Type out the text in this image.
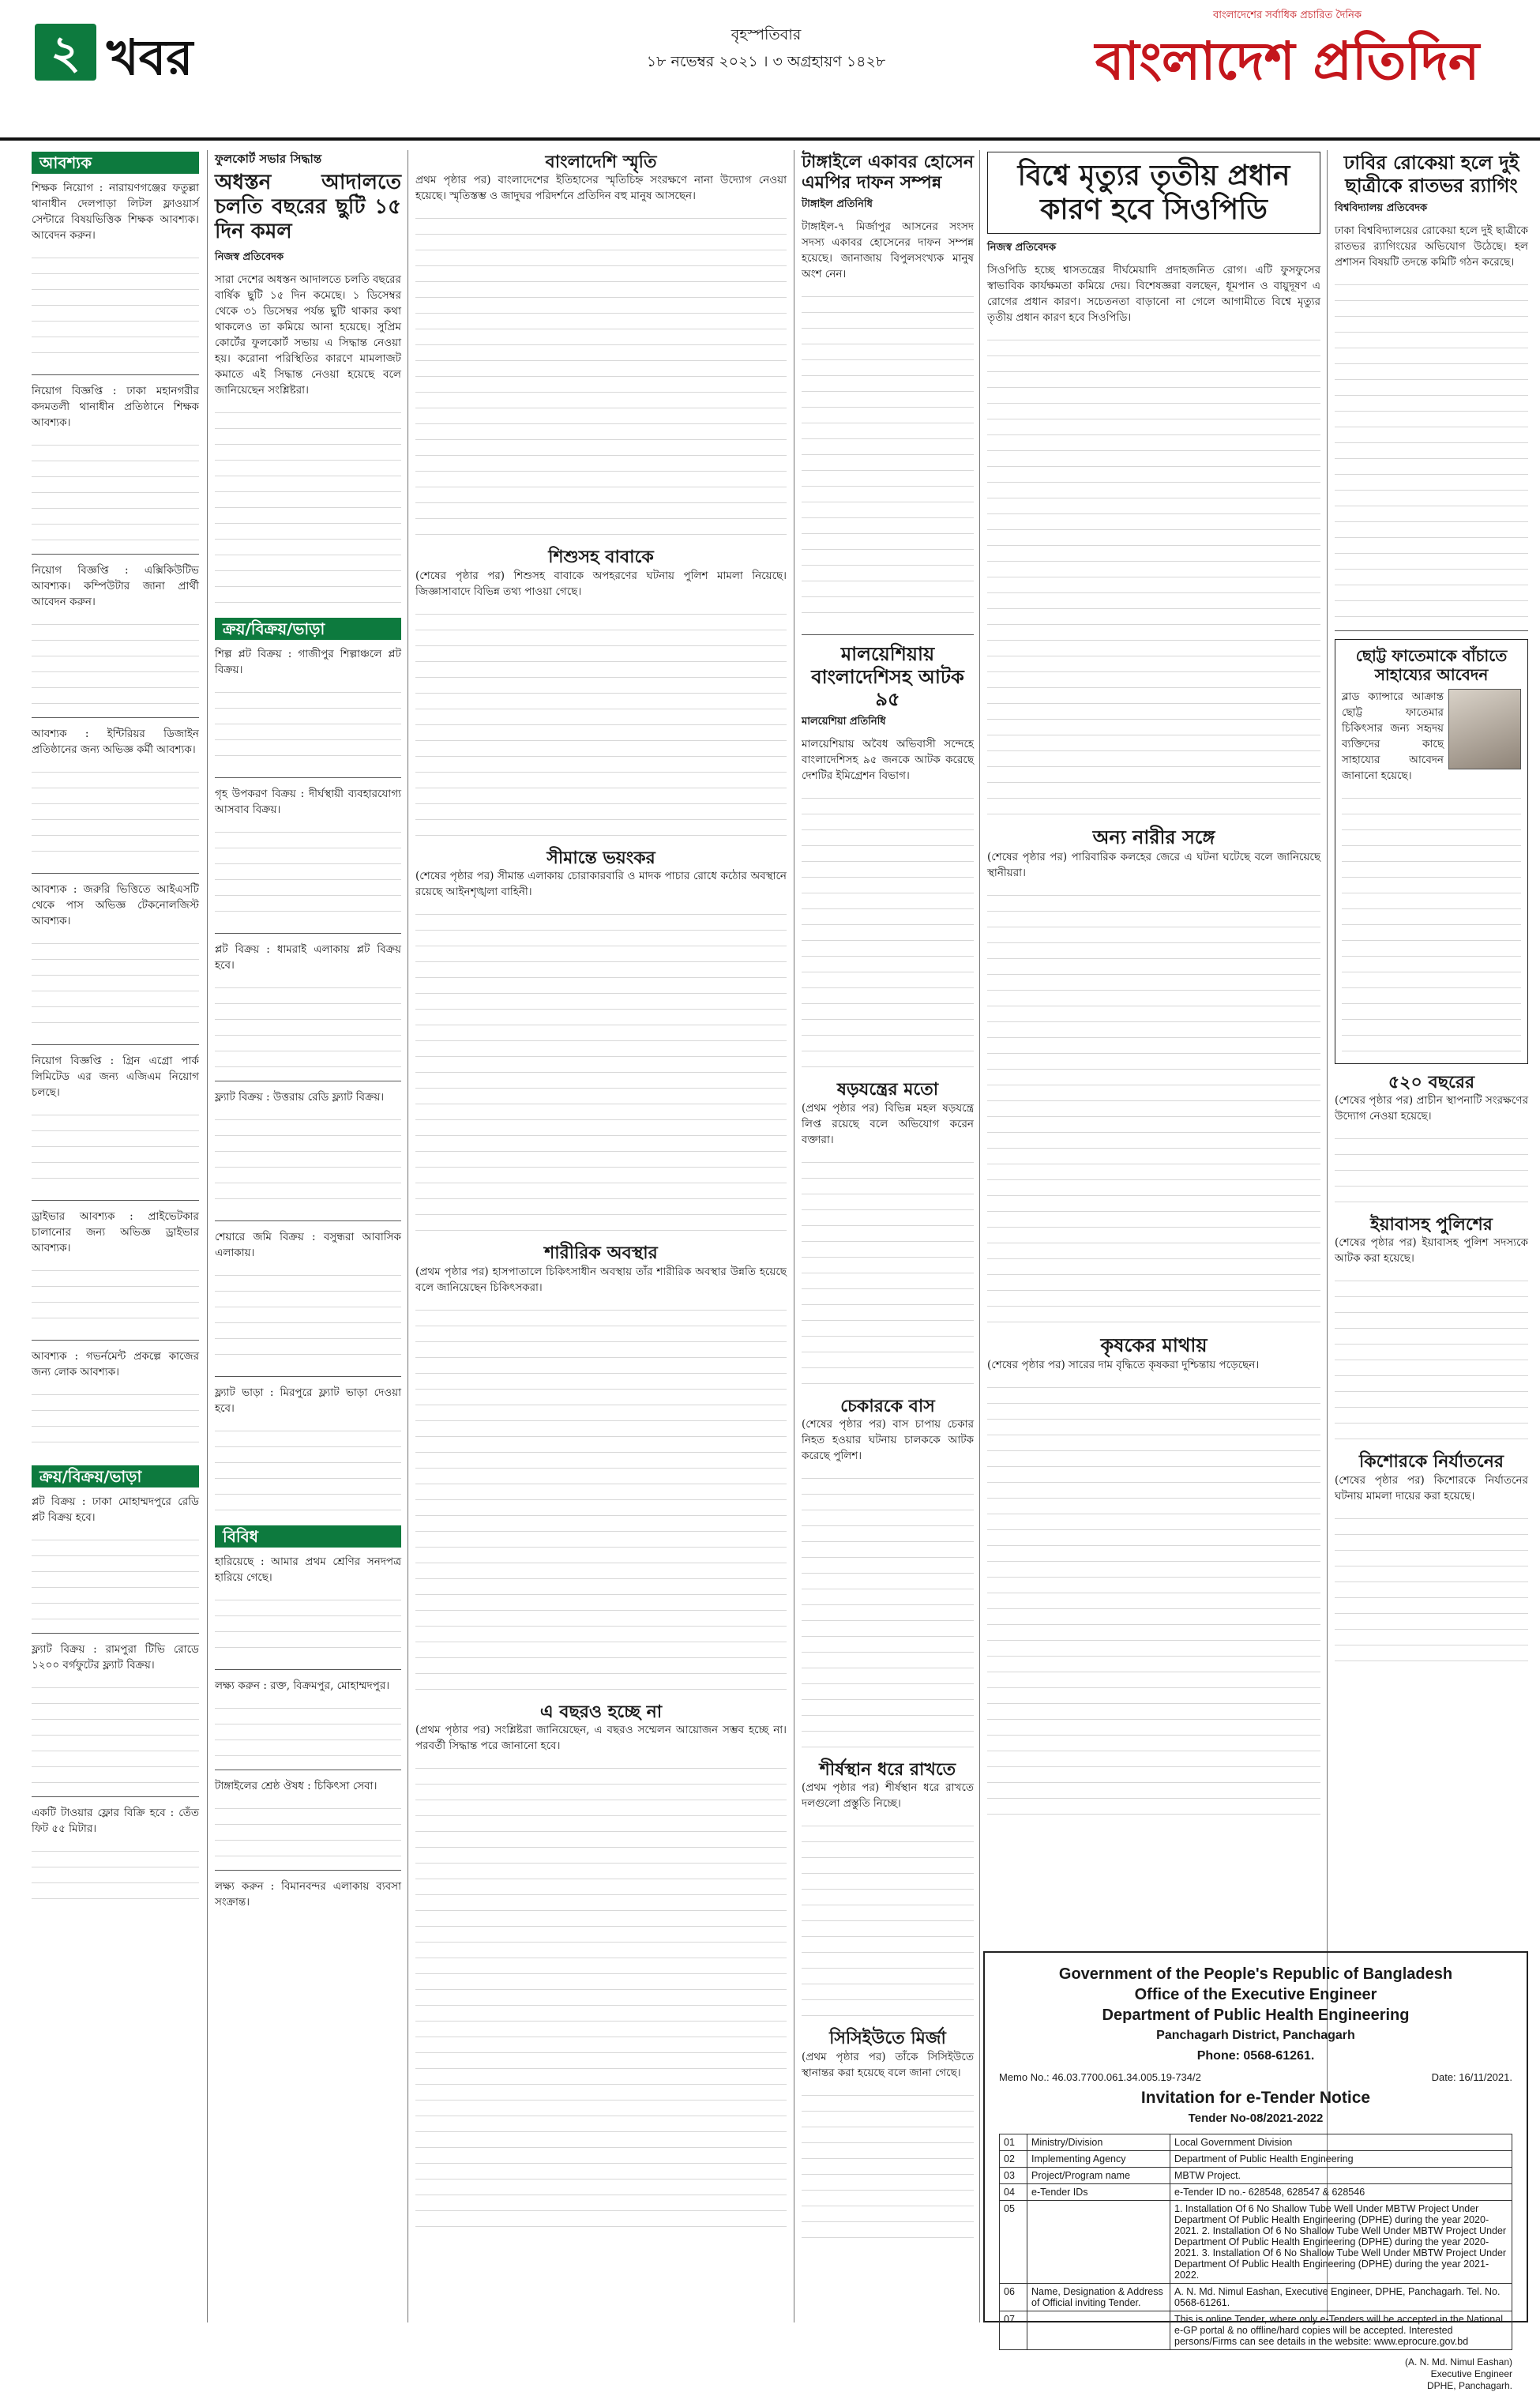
২ খবর	বৃহস্পতিবার
১৮ নভেম্বর ২০২১ । ৩ অগ্রহায়ণ ১৪২৮
বাংলাদেশের সর্বাধিক প্রচারিত দৈনিক
বাংলাদেশ প্রতিদিন
আবশ্যক

শিক্ষক নিয়োগ : নারায়ণগঞ্জের ফতুল্লা থানাধীন দেলপাড়া লিটল ফ্লাওয়ার্স সেন্টারে বিষয়ভিত্তিক শিক্ষক আবশ্যক। আবেদন করুন।

নিয়োগ বিজ্ঞপ্তি : ঢাকা মহানগরীর কদমতলী থানাধীন প্রতিষ্ঠানে শিক্ষক আবশ্যক।

নিয়োগ বিজ্ঞপ্তি : এক্সিকিউটিভ আবশ্যক। কম্পিউটার জানা প্রার্থী আবেদন করুন।

আবশ্যক : ইন্টিরিয়র ডিজাইন প্রতিষ্ঠানের জন্য অভিজ্ঞ কর্মী আবশ্যক।

আবশ্যক : জরুরি ভিত্তিতে আইএসটি থেকে পাস অভিজ্ঞ টেকনোলজিস্ট আবশ্যক।

নিয়োগ বিজ্ঞপ্তি : গ্রিন এগ্রো পার্ক লিমিটেড এর জন্য এজিএম নিয়োগ চলছে।

ড্রাইভার আবশ্যক : প্রাইভেটকার চালানোর জন্য অভিজ্ঞ ড্রাইভার আবশ্যক।

আবশ্যক : গভর্নমেন্ট প্রকল্পে কাজের জন্য লোক আবশ্যক।

ক্রয়/বিক্রয়/ভাড়া

প্লট বিক্রয় : ঢাকা মোহাম্মদপুরে রেডি প্লট বিক্রয় হবে।

ফ্ল্যাট বিক্রয় : রামপুরা টিভি রোডে ১২০০ বর্গফুটের ফ্ল্যাট বিক্রয়।

একটি টাওয়ার ফ্লোর বিক্রি হবে : তেঁত ফিট ৫৫ মিটার।

ফুলকোর্ট সভার সিদ্ধান্ত
অধস্তন আদালতে চলতি বছরের ছুটি ১৫ দিন কমল
নিজস্ব প্রতিবেদক

সারা দেশের অধস্তন আদালতে চলতি বছরের বার্ষিক ছুটি ১৫ দিন কমেছে। ১ ডিসেম্বর থেকে ৩১ ডিসেম্বর পর্যন্ত ছুটি থাকার কথা থাকলেও তা কমিয়ে আনা হয়েছে। সুপ্রিম কোর্টের ফুলকোর্ট সভায় এ সিদ্ধান্ত নেওয়া হয়। করোনা পরিস্থিতির কারণে মামলাজট কমাতে এই সিদ্ধান্ত নেওয়া হয়েছে বলে জানিয়েছেন সংশ্লিষ্টরা।

ক্রয়/বিক্রয়/ভাড়া

শিল্প প্লট বিক্রয় : গাজীপুর শিল্পাঞ্চলে প্লট বিক্রয়।

গৃহ উপকরণ বিক্রয় : দীর্ঘস্থায়ী ব্যবহারযোগ্য আসবাব বিক্রয়।

প্লট বিক্রয় : ধামরাই এলাকায় প্লট বিক্রয় হবে।

ফ্ল্যাট বিক্রয় : উত্তরায় রেডি ফ্ল্যাট বিক্রয়।

শেয়ারে জমি বিক্রয় : বসুন্ধরা আবাসিক এলাকায়।

ফ্ল্যাট ভাড়া : মিরপুরে ফ্ল্যাট ভাড়া দেওয়া হবে।

বিবিধ

হারিয়েছে : আমার প্রথম শ্রেণির সনদপত্র হারিয়ে গেছে।

লক্ষ্য করুন : রক্ত, বিক্রমপুর, মোহাম্মদপুর।

টাঙ্গাইলের শ্রেষ্ঠ ঔষধ : চিকিৎসা সেবা।

লক্ষ্য করুন : বিমানবন্দর এলাকায় ব্যবসা সংক্রান্ত।

বাংলাদেশি স্মৃতি

প্রথম পৃষ্ঠার পর) বাংলাদেশের ইতিহাসের স্মৃতিচিহ্ন সংরক্ষণে নানা উদ্যোগ নেওয়া হয়েছে। স্মৃতিস্তম্ভ ও জাদুঘর পরিদর্শনে প্রতিদিন বহু মানুষ আসছেন।

শিশুসহ বাবাকে

(শেষের পৃষ্ঠার পর) শিশুসহ বাবাকে অপহরণের ঘটনায় পুলিশ মামলা নিয়েছে। জিজ্ঞাসাবাদে বিভিন্ন তথ্য পাওয়া গেছে।

সীমান্তে ভয়ংকর

(শেষের পৃষ্ঠার পর) সীমান্ত এলাকায় চোরাকারবারি ও মাদক পাচার রোধে কঠোর অবস্থানে রয়েছে আইনশৃঙ্খলা বাহিনী।

শারীরিক অবস্থার

(প্রথম পৃষ্ঠার পর) হাসপাতালে চিকিৎসাধীন অবস্থায় তাঁর শারীরিক অবস্থার উন্নতি হয়েছে বলে জানিয়েছেন চিকিৎসকরা।

এ বছরও হচ্ছে না

(প্রথম পৃষ্ঠার পর) সংশ্লিষ্টরা জানিয়েছেন, এ বছরও সম্মেলন আয়োজন সম্ভব হচ্ছে না। পরবর্তী সিদ্ধান্ত পরে জানানো হবে।

টাঙ্গাইলে একাবর হোসেন এমপির দাফন সম্পন্ন
টাঙ্গাইল প্রতিনিধি

টাঙ্গাইল-৭ মির্জাপুর আসনের সংসদ সদস্য একাবর হোসেনের দাফন সম্পন্ন হয়েছে। জানাজায় বিপুলসংখ্যক মানুষ অংশ নেন।

মালয়েশিয়ায় বাংলাদেশিসহ আটক ৯৫
মালয়েশিয়া প্রতিনিধি

মালয়েশিয়ায় অবৈধ অভিবাসী সন্দেহে বাংলাদেশিসহ ৯৫ জনকে আটক করেছে দেশটির ইমিগ্রেশন বিভাগ।

ষড়যন্ত্রের মতো

(প্রথম পৃষ্ঠার পর) বিভিন্ন মহল ষড়যন্ত্রে লিপ্ত রয়েছে বলে অভিযোগ করেন বক্তারা।

চেকারকে বাস

(শেষের পৃষ্ঠার পর) বাস চাপায় চেকার নিহত হওয়ার ঘটনায় চালককে আটক করেছে পুলিশ।

শীর্ষস্থান ধরে রাখতে

(প্রথম পৃষ্ঠার পর) শীর্ষস্থান ধরে রাখতে দলগুলো প্রস্তুতি নিচ্ছে।

সিসিইউতে মির্জা

(প্রথম পৃষ্ঠার পর) তাঁকে সিসিইউতে স্থানান্তর করা হয়েছে বলে জানা গেছে।

বিশ্বে মৃত্যুর তৃতীয় প্রধান কারণ হবে সিওপিডি
নিজস্ব প্রতিবেদক

সিওপিডি হচ্ছে শ্বাসতন্ত্রের দীর্ঘমেয়াদি প্রদাহজনিত রোগ। এটি ফুসফুসের স্বাভাবিক কার্যক্ষমতা কমিয়ে দেয়। বিশেষজ্ঞরা বলছেন, ধূমপান ও বায়ুদূষণ এ রোগের প্রধান কারণ। সচেতনতা বাড়ানো না গেলে আগামীতে বিশ্বে মৃত্যুর তৃতীয় প্রধান কারণ হবে সিওপিডি।

অন্য নারীর সঙ্গে

(শেষের পৃষ্ঠার পর) পারিবারিক কলহের জেরে এ ঘটনা ঘটেছে বলে জানিয়েছে স্থানীয়রা।

কৃষকের মাথায়

(শেষের পৃষ্ঠার পর) সারের দাম বৃদ্ধিতে কৃষকরা দুশ্চিন্তায় পড়েছেন।

ঢাবির রোকেয়া হলে দুই ছাত্রীকে রাতভর র‍্যাগিং
বিশ্ববিদ্যালয় প্রতিবেদক

ঢাকা বিশ্ববিদ্যালয়ের রোকেয়া হলে দুই ছাত্রীকে রাতভর র‍্যাগিংয়ের অভিযোগ উঠেছে। হল প্রশাসন বিষয়টি তদন্তে কমিটি গঠন করেছে।

ছোট্ট ফাতেমাকে বাঁচাতে সাহায্যের আবেদন

ব্লাড ক্যান্সারে আক্রান্ত ছোট্ট ফাতেমার চিকিৎসার জন্য সহৃদয় ব্যক্তিদের কাছে সাহায্যের আবেদন জানানো হয়েছে।

৫২০ বছরের

(শেষের পৃষ্ঠার পর) প্রাচীন স্থাপনাটি সংরক্ষণের উদ্যোগ নেওয়া হয়েছে।

ইয়াবাসহ পুলিশের

(শেষের পৃষ্ঠার পর) ইয়াবাসহ পুলিশ সদস্যকে আটক করা হয়েছে।

কিশোরকে নির্যাতনের

(শেষের পৃষ্ঠার পর) কিশোরকে নির্যাতনের ঘটনায় মামলা দায়ের করা হয়েছে।

Government of the People's Republic of Bangladesh
Office of the Executive Engineer
Department of Public Health Engineering
Panchagarh District, Panchagarh
Phone: 0568-61261.
Memo No.: 46.03.7700.061.34.005.19-734/2	Date: 16/11/2021.
Invitation for e-Tender Notice
Tender No-08/2021-2022
01	Ministry/Division	Local Government Division
02	Implementing Agency	Department of Public Health Engineering
03	Project/Program name	MBTW Project.
04	e-Tender IDs	e-Tender ID no.- 628548, 628547 & 628546
05		1. Installation Of 6 No Shallow Tube Well Under MBTW Project Under Department Of Public Health Engineering (DPHE) during the year 2020-2021. 2. Installation Of 6 No Shallow Tube Well Under MBTW Project Under Department Of Public Health Engineering (DPHE) during the year 2020-2021. 3. Installation Of 6 No Shallow Tube Well Under MBTW Project Under Department Of Public Health Engineering (DPHE) during the year 2021-2022.
06	Name, Designation & Address of Official inviting Tender.	A. N. Md. Nimul Eashan, Executive Engineer, DPHE, Panchagarh. Tel. No. 0568-61261.
07		This is online Tender, where only e-Tenders will be accepted in the National e-GP portal & no offline/hard copies will be accepted. Interested persons/Firms can see details in the website: www.eprocure.gov.bd
(A. N. Md. Nimul Eashan)
Executive Engineer
DPHE, Panchagarh.
